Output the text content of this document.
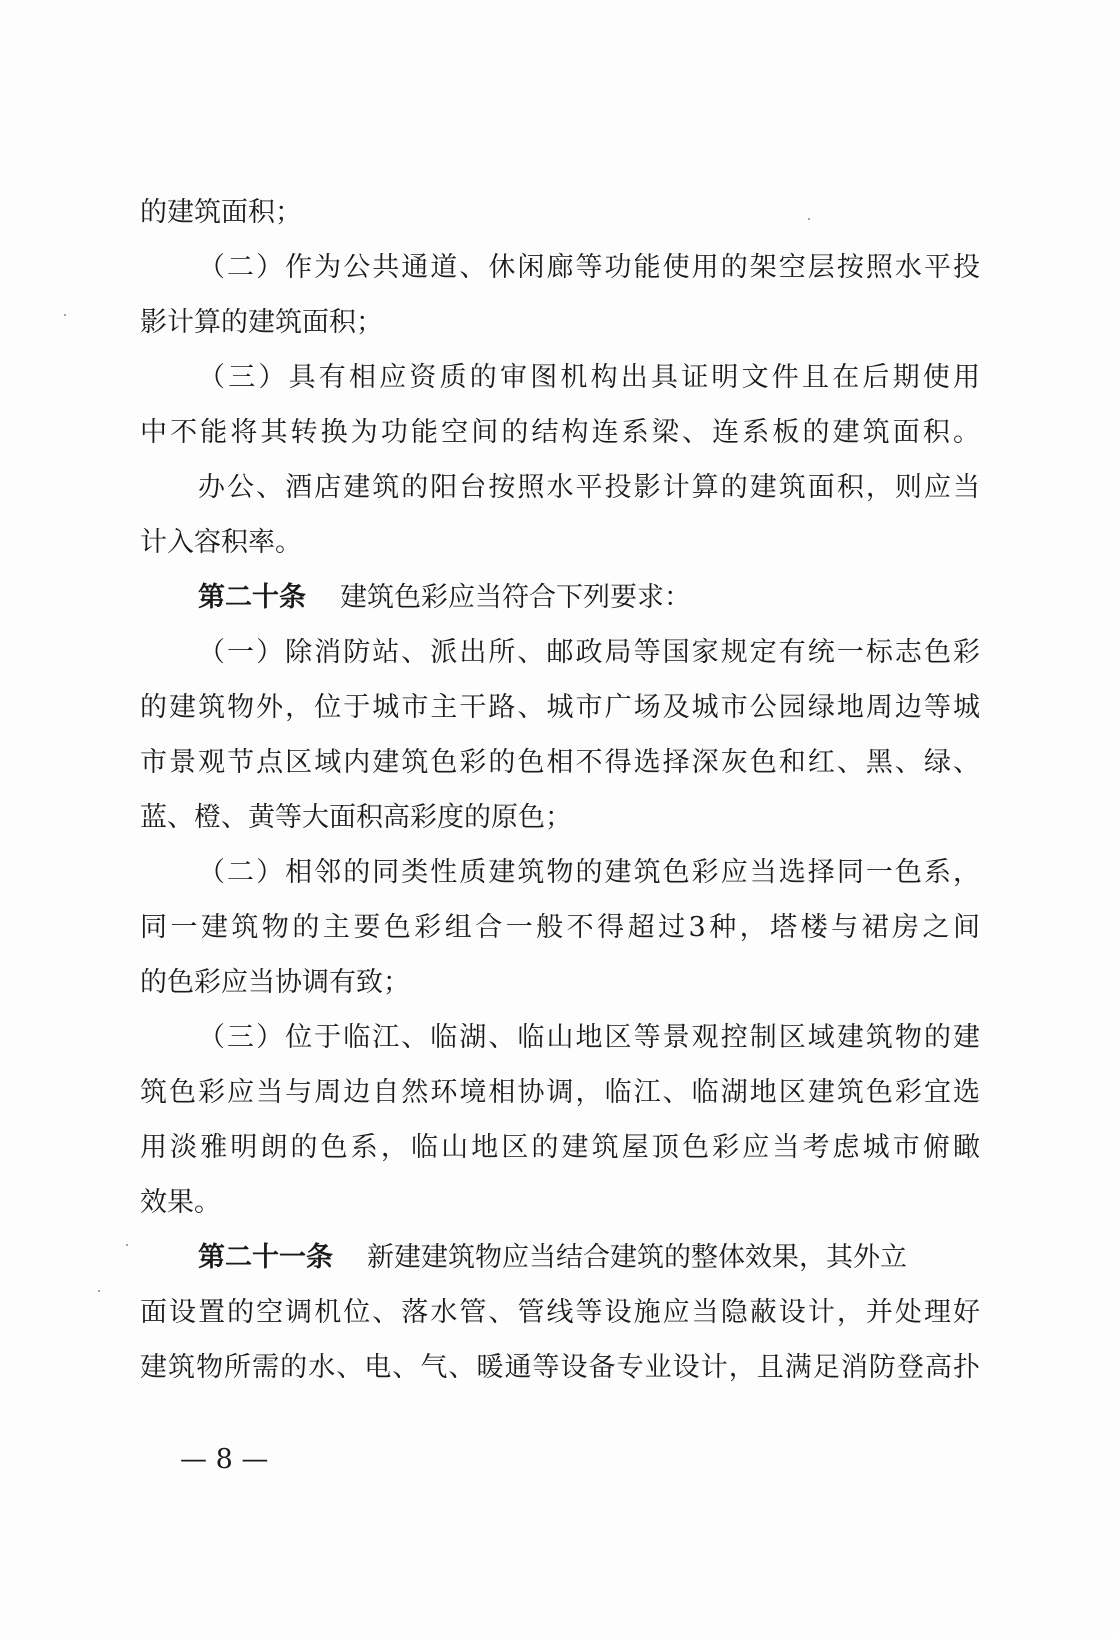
的建筑面积；
（二）作为公共通道、休闲廊等功能使用的架空层按照水平投
影计算的建筑面积；
（三）具有相应资质的审图机构出具证明文件且在后期使用
中不能将其转换为功能空间的结构连系梁、连系板的建筑面积。
办公、酒店建筑的阳台按照水平投影计算的建筑面积，则应当
计入容积率。
第二十条 建筑色彩应当符合下列要求：
（一）除消防站、派出所、邮政局等国家规定有统一标志色彩
的建筑物外，位于城市主干路、城市广场及城市公园绿地周边等城
市景观节点区域内建筑色彩的色相不得选择深灰色和红、黑、绿、
蓝、橙、黄等大面积高彩度的原色；
（二）相邻的同类性质建筑物的建筑色彩应当选择同一色系，
同一建筑物的主要色彩组合一般不得超过3种，塔楼与裙房之间
的色彩应当协调有致；
（三）位于临江、临湖、临山地区等景观控制区域建筑物的建
筑色彩应当与周边自然环境相协调，临江、临湖地区建筑色彩宜选
用淡雅明朗的色系，临山地区的建筑屋顶色彩应当考虑城市俯瞰
效果。
第二十一条 新建建筑物应当结合建筑的整体效果，其外立
面设置的空调机位、落水管、管线等设施应当隐蔽设计，并处理好
建筑物所需的水、电、气、暖通等设备专业设计，且满足消防登高扑
— 8 —
